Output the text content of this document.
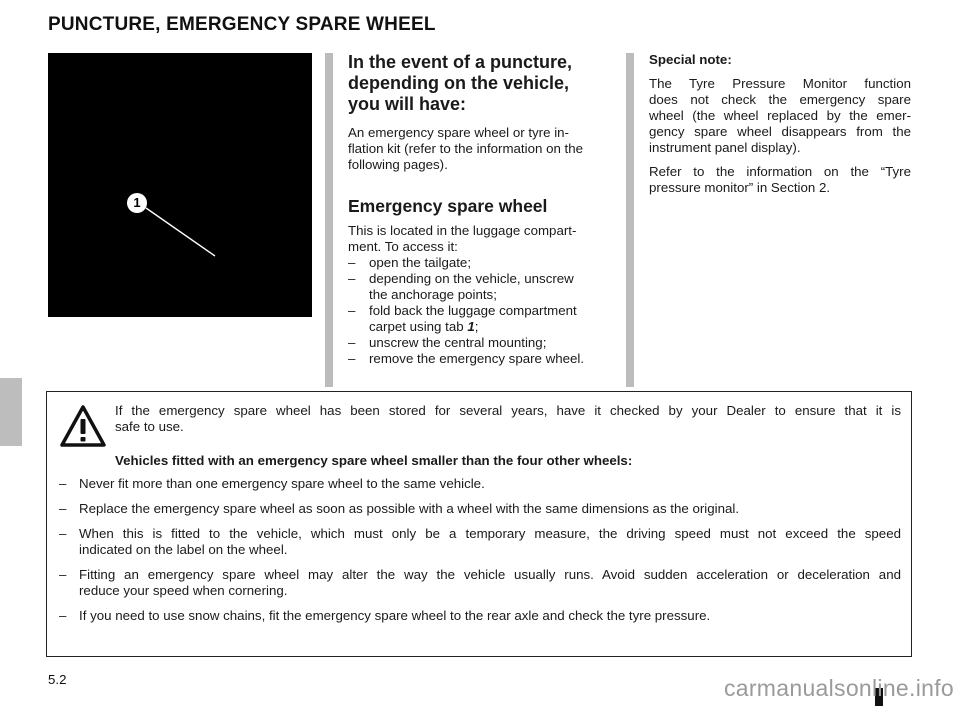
PUNCTURE, EMERGENCY SPARE WHEEL
1
In the event of a puncture,
depending on the vehicle,
you will have:
An emergency spare wheel or tyre in-
flation kit (refer to the information on the
following pages).
Emergency spare wheel
This is located in the luggage compart-
ment. To access it:
– open the tailgate;
– depending on the vehicle, unscrew
the anchorage points;
– fold back the luggage compartment
carpet using tab 1;
– unscrew the central mounting;
– remove the emergency spare wheel.
Special note:
The Tyre Pressure Monitor function
does not check the emergency spare
wheel (the wheel replaced by the emer-
gency spare wheel disappears from the
instrument panel display).
Refer to the information on the “Tyre
pressure monitor” in Section 2.
If the emergency spare wheel has been stored for several years, have it checked by your Dealer to ensure that it is
safe to use.
Vehicles fitted with an emergency spare wheel smaller than the four other wheels:
– Never fit more than one emergency spare wheel to the same vehicle.
– Replace the emergency spare wheel as soon as possible with a wheel with the same dimensions as the original.
– When this is fitted to the vehicle, which must only be a temporary measure, the driving speed must not exceed the speed
indicated on the label on the wheel.
– Fitting an emergency spare wheel may alter the way the vehicle usually runs. Avoid sudden acceleration or deceleration and
reduce your speed when cornering.
– If you need to use snow chains, fit the emergency spare wheel to the rear axle and check the tyre pressure.
5.2	carmanualsonline.info
